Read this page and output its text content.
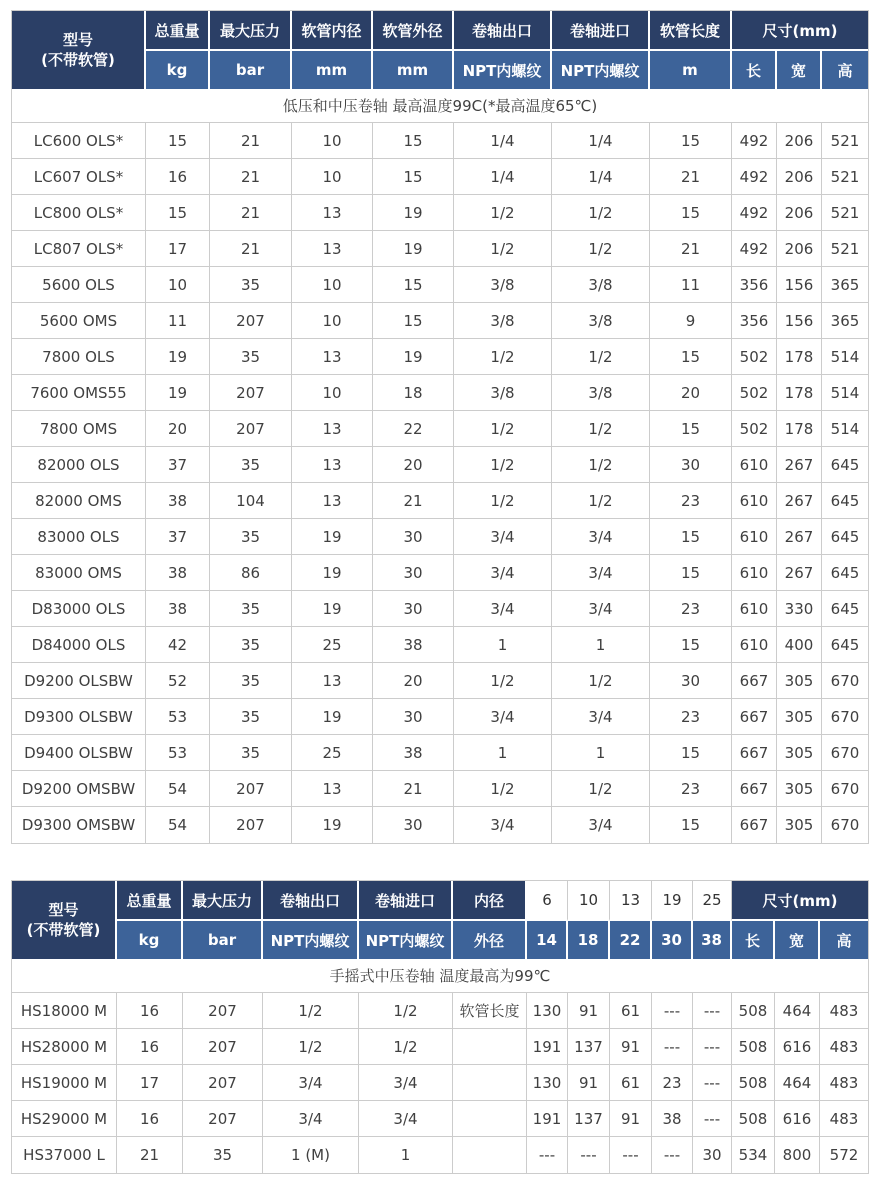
型号
(不带软管)	总重量	最大压力	软管内径	软管外径	卷轴出口	卷轴进口	软管长度	尺寸(mm)		
	kg	bar	mm	mm	NPT内螺纹	NPT内螺纹	m	长	宽	高
低压和中压卷轴 最高温度99C(*最高温度65℃)										
LC600 OLS*	15	21	10	15	1/4	1/4	15	492	206	521
LC607 OLS*	16	21	10	15	1/4	1/4	21	492	206	521
LC800 OLS*	15	21	13	19	1/2	1/2	15	492	206	521
LC807 OLS*	17	21	13	19	1/2	1/2	21	492	206	521
5600 OLS	10	35	10	15	3/8	3/8	11	356	156	365
5600 OMS	11	207	10	15	3/8	3/8	9	356	156	365
7800 OLS	19	35	13	19	1/2	1/2	15	502	178	514
7600 OMS55	19	207	10	18	3/8	3/8	20	502	178	514
7800 OMS	20	207	13	22	1/2	1/2	15	502	178	514
82000 OLS	37	35	13	20	1/2	1/2	30	610	267	645
82000 OMS	38	104	13	21	1/2	1/2	23	610	267	645
83000 OLS	37	35	19	30	3/4	3/4	15	610	267	645
83000 OMS	38	86	19	30	3/4	3/4	15	610	267	645
D83000 OLS	38	35	19	30	3/4	3/4	23	610	330	645
D84000 OLS	42	35	25	38	1	1	15	610	400	645
D9200 OLSBW	52	35	13	20	1/2	1/2	30	667	305	670
D9300 OLSBW	53	35	19	30	3/4	3/4	23	667	305	670
D9400 OLSBW	53	35	25	38	1	1	15	667	305	670
D9200 OMSBW	54	207	13	21	1/2	1/2	23	667	305	670
D9300 OMSBW	54	207	19	30	3/4	3/4	15	667	305	670
型号
(不带软管)	总重量	最大压力	卷轴出口	卷轴进口	内径	6	10	13	19	25	尺寸(mm)		
	kg	bar	NPT内螺纹	NPT内螺纹	外径	14	18	22	30	38	长	宽	高
手摇式中压卷轴 温度最高为99℃													
HS18000 M	16	207	1/2	1/2	软管长度	130	91	61	---	---	508	464	483
HS28000 M	16	207	1/2	1/2		191	137	91	---	---	508	616	483
HS19000 M	17	207	3/4	3/4		130	91	61	23	---	508	464	483
HS29000 M	16	207	3/4	3/4		191	137	91	38	---	508	616	483
HS37000 L	21	35	1 (M)	1		---	---	---	---	30	534	800	572
